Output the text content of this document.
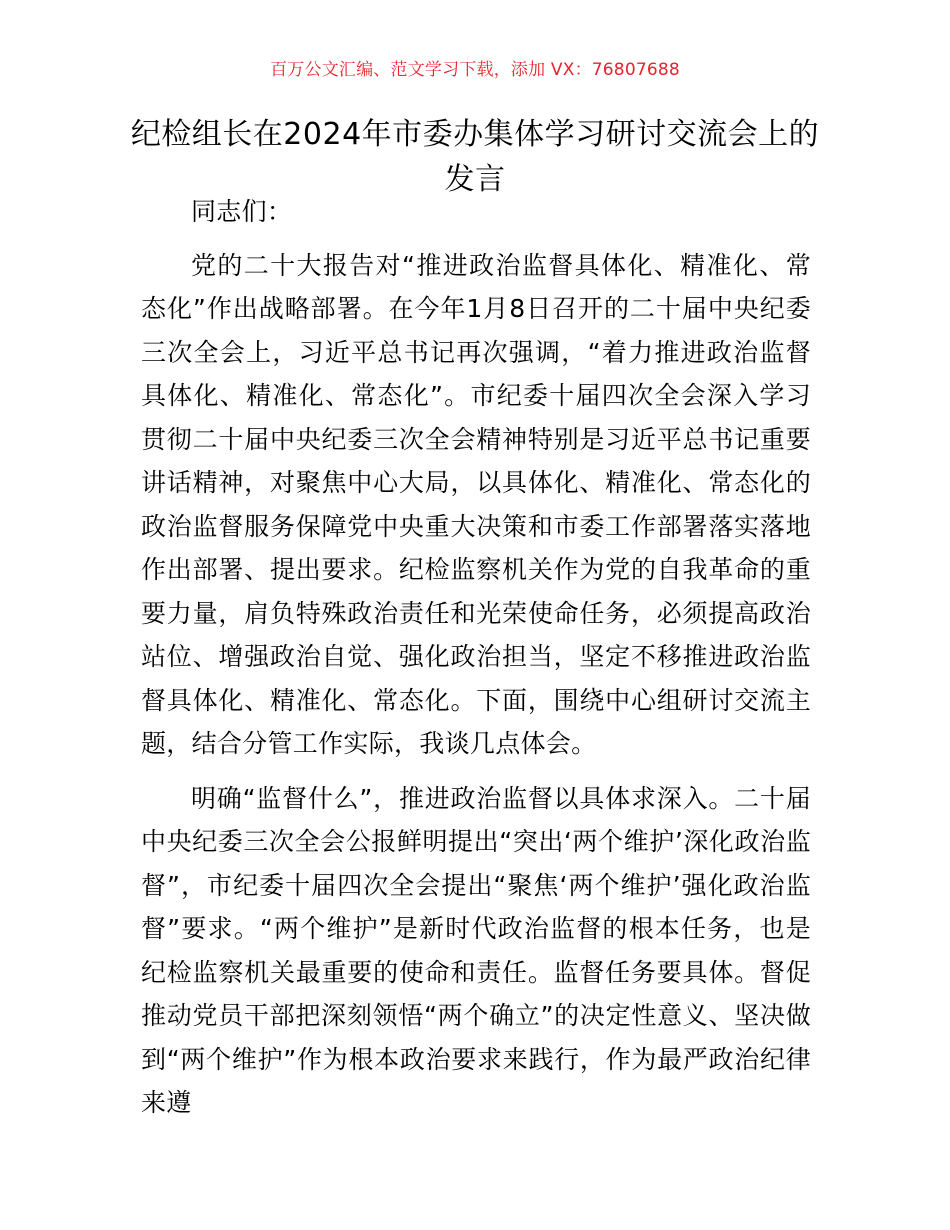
百万公文汇编、范文学习下载，添加 VX：76807688
纪检组长在2024年市委办集体学习研讨交流会上的发言

同志们：

党的二十大报告对“推进政治监督具体化、精准化、常态化”作出战略部署。在今年1月8日召开的二十届中央纪委三次全会上，习近平总书记再次强调，“着力推进政治监督具体化、精准化、常态化”。市纪委十届四次全会深入学习贯彻二十届中央纪委三次全会精神特别是习近平总书记重要讲话精神，对聚焦中心大局，以具体化、精准化、常态化的政治监督服务保障党中央重大决策和市委工作部署落实落地作出部署、提出要求。纪检监察机关作为党的自我革命的重要力量，肩负特殊政治责任和光荣使命任务，必须提高政治站位、增强政治自觉、强化政治担当，坚定不移推进政治监督具体化、精准化、常态化。下面，围绕中心组研讨交流主题，结合分管工作实际，我谈几点体会。

明确“监督什么”，推进政治监督以具体求深入。二十届中央纪委三次全会公报鲜明提出“突出‘两个维护’深化政治监督”，市纪委十届四次全会提出“聚焦‘两个维护’强化政治监督”要求。“两个维护”是新时代政治监督的根本任务，也是纪检监察机关最重要的使命和责任。监督任务要具体。督促推动党员干部把深刻领悟“两个确立”的决定性意义、坚决做到“两个维护”作为根本政治要求来践行，作为最严政治纪律来遵
